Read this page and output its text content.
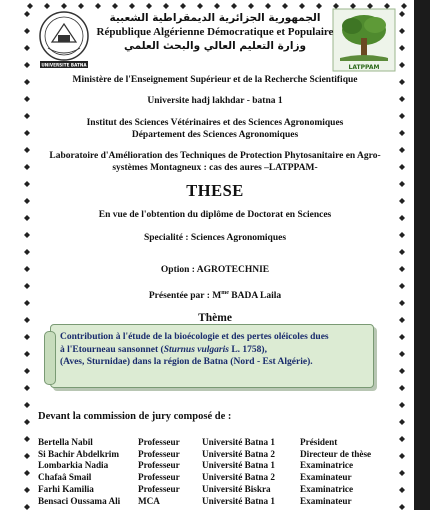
UNIVERSITE BATNA	LATPPAM
الجمهورية الجزائرية الديمقراطية الشعبية
République Algérienne Démocratique et Populaire
وزارة التعليم العالي والبحث العلمي
Ministère de l'Enseignement Supérieur et de la Recherche Scientifique
Universite hadj lakhdar - batna 1
Institut des Sciences Vétérinaires et des Sciences Agronomiques
Département des Sciences Agronomiques
Laboratoire d'Amélioration des Techniques de Protection Phytosanitaire en Agro-
systèmes Montagneux : cas des aures –LATPPAM-
THESE
En vue de l'obtention du diplôme de Doctorat en Sciences
Specialité : Sciences Agronomiques
Option : AGROTECHNIE
Présentée par : $M^{me}$ BADA Laila
Thème
Contribution à l'étude de la bioécologie et des pertes oléicoles dues
à l'Etourneau sansonnet (Sturnus vulgaris L. 1758),
(Aves, Sturnidae) dans la région de Batna (Nord - Est Algérie).
Devant la commission de jury composé de :
Bertella Nabil	Professeur	Université Batna 1	Président
Si Bachir Abdelkrim	Professeur	Université Batna 2	Directeur de thèse
Lombarkia Nadia	Professeur	Université Batna 1	Examinatrice
Chafaâ Smail	Professeur	Université Batna 2	Examinateur
Farhi Kamilia	Professeur	Université Biskra	Examinatrice
Bensaci Oussama Ali	MCA	Université Batna 1	Examinateur
